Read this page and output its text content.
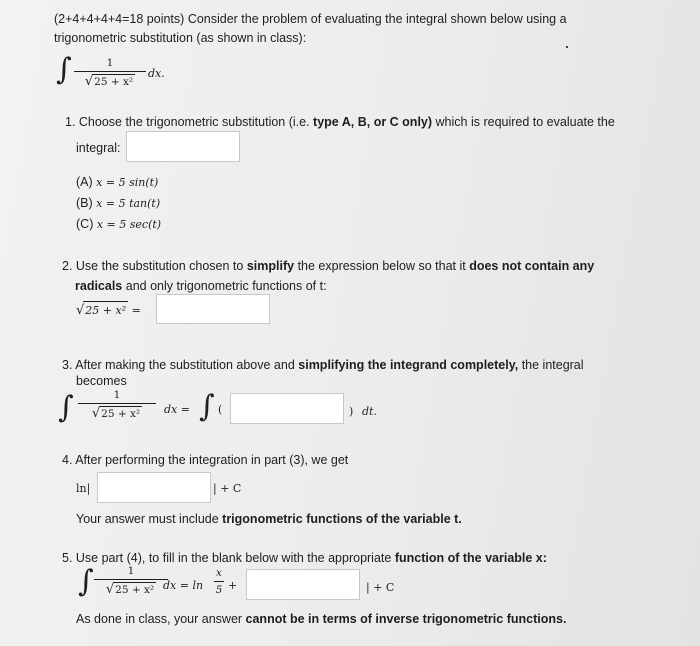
(2+4+4+4+4=18 points) Consider the problem of evaluating the integral shown below using a
trigonometric substitution (as shown in class):
∫	1
√25 + x²
dx.
1. Choose the trigonometric substitution (i.e. type A, B, or C only) which is required to evaluate the
integral:
(A) x = 5 sin(t)
(B) x = 5 tan(t)
(C) x = 5 sec(t)
2. Use the substitution chosen to simplify the expression below so that it does not contain any
radicals and only trigonometric functions of t:
√25 + x² =
3. After making the substitution above and simplifying the integrand completely, the integral
becomes
∫	1
√25 + x²	dx = ∫ (	) dt.
4. After performing the integration in part (3), we get
ln|	| + C
Your answer must include trigonometric functions of the variable t.
5. Use part (4), to fill in the blank below with the appropriate function of the variable x:
∫	1
√25 + x² dx = ln
x
5 +	| + C
As done in class, your answer cannot be in terms of inverse trigonometric functions.
